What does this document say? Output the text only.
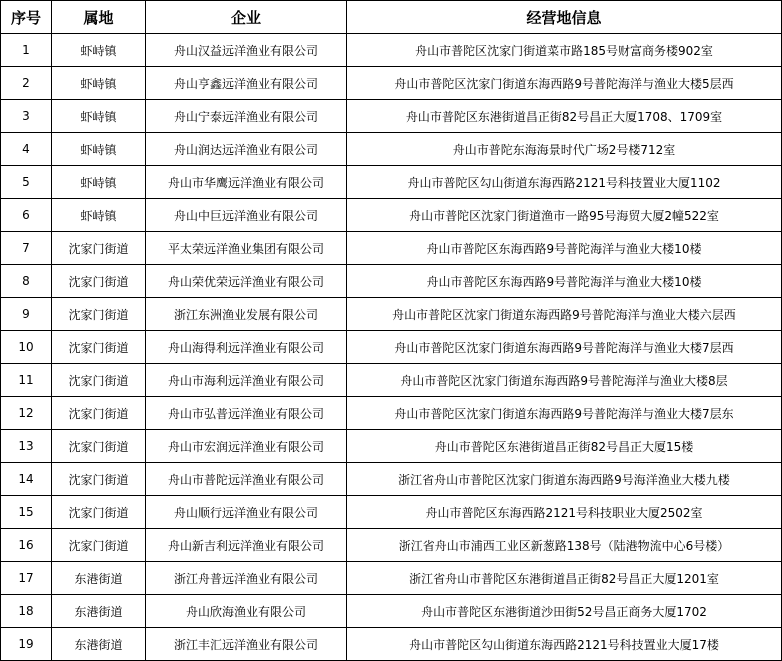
序号	属地	企业	经营地信息
1	虾峙镇	舟山汉益远洋渔业有限公司	舟山市普陀区沈家门街道菜市路185号财富商务楼902室
2	虾峙镇	舟山亨鑫远洋渔业有限公司	舟山市普陀区沈家门街道东海西路9号普陀海洋与渔业大楼5层西
3	虾峙镇	舟山宁泰远洋渔业有限公司	舟山市普陀区东港街道昌正街82号昌正大厦1708、1709室
4	虾峙镇	舟山润达远洋渔业有限公司	舟山市普陀东海海景时代广场2号楼712室
5	虾峙镇	舟山市华鹰远洋渔业有限公司	舟山市普陀区勾山街道东海西路2121号科技置业大厦1102
6	虾峙镇	舟山中巨远洋渔业有限公司	舟山市普陀区沈家门街道渔市一路95号海贸大厦2幢522室
7	沈家门街道	平太荣远洋渔业集团有限公司	舟山市普陀区东海西路9号普陀海洋与渔业大楼10楼
8	沈家门街道	舟山荣优荣远洋渔业有限公司	舟山市普陀区东海西路9号普陀海洋与渔业大楼10楼
9	沈家门街道	浙江东洲渔业发展有限公司	舟山市普陀区沈家门街道东海西路9号普陀海洋与渔业大楼六层西
10	沈家门街道	舟山海得利远洋渔业有限公司	舟山市普陀区沈家门街道东海西路9号普陀海洋与渔业大楼7层西
11	沈家门街道	舟山市海利远洋渔业有限公司	舟山市普陀区沈家门街道东海西路9号普陀海洋与渔业大楼8层
12	沈家门街道	舟山市弘普远洋渔业有限公司	舟山市普陀区沈家门街道东海西路9号普陀海洋与渔业大楼7层东
13	沈家门街道	舟山市宏润远洋渔业有限公司	舟山市普陀区东港街道昌正街82号昌正大厦15楼
14	沈家门街道	舟山市普陀远洋渔业有限公司	浙江省舟山市普陀区沈家门街道东海西路9号海洋渔业大楼九楼
15	沈家门街道	舟山顺行远洋渔业有限公司	舟山市普陀区东海西路2121号科技职业大厦2502室
16	沈家门街道	舟山新吉利远洋渔业有限公司	浙江省舟山市浦西工业区新葱路138号（陆港物流中心6号楼）
17	东港街道	浙江舟普远洋渔业有限公司	浙江省舟山市普陀区东港街道昌正街82号昌正大厦1201室
18	东港街道	舟山欣海渔业有限公司	舟山市普陀区东港街道沙田街52号昌正商务大厦1702
19	东港街道	浙江丰汇远洋渔业有限公司	舟山市普陀区勾山街道东海西路2121号科技置业大厦17楼
